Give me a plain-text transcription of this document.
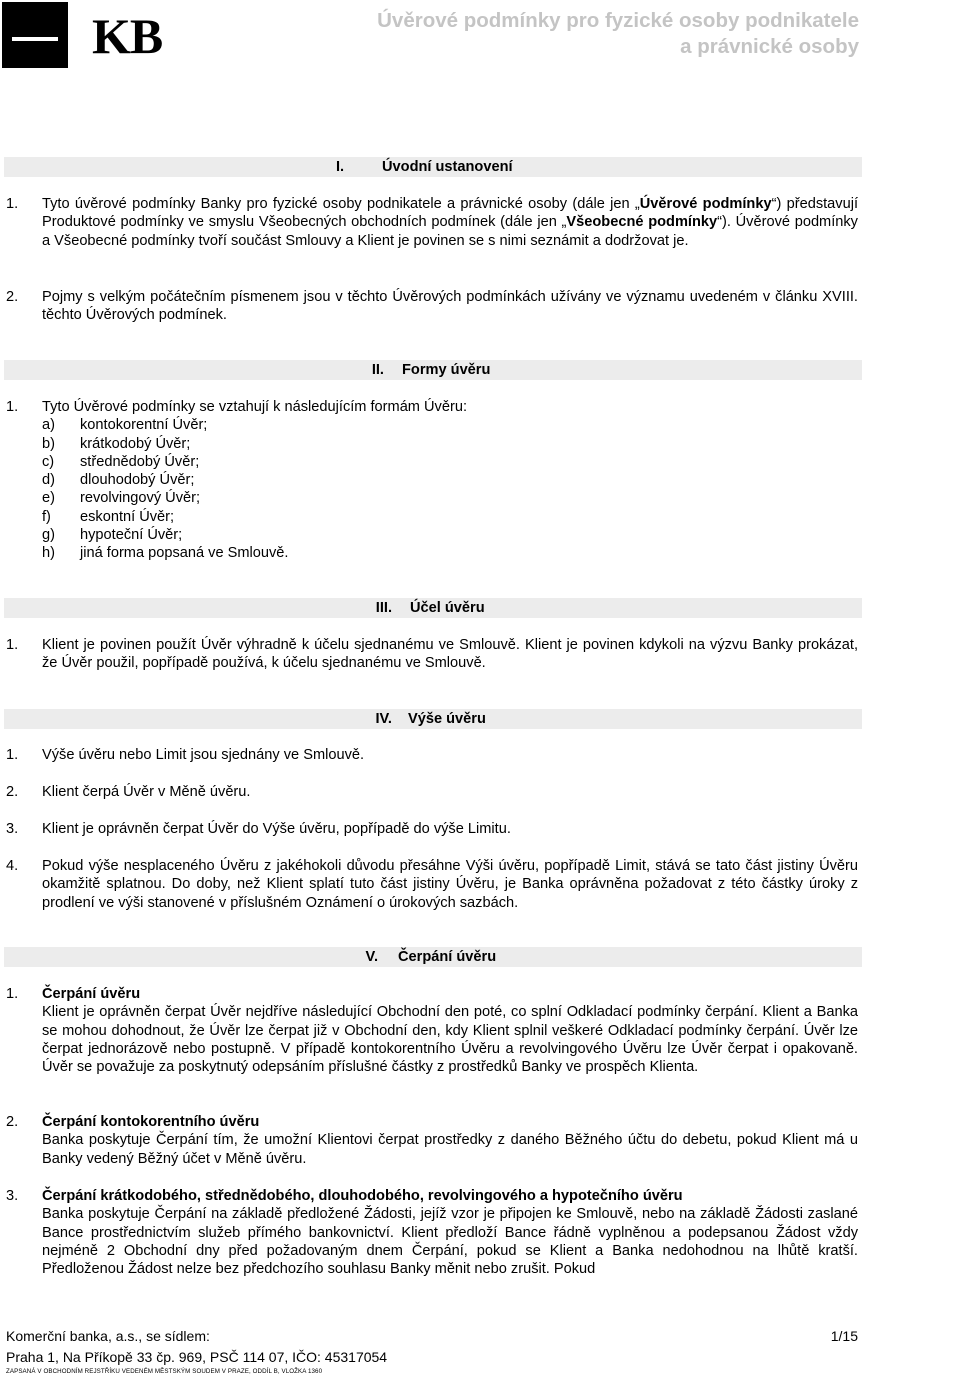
KB	Úvěrové podmínky pro fyzické osoby podnikatele
a právnické osoby
I.	Úvodní ustanovení
1. Tyto úvěrové podmínky Banky pro fyzické osoby podnikatele a právnické osoby (dále jen „Úvěrové podmínky“) představují Produktové podmínky ve smyslu Všeobecných obchodních podmínek (dále jen „Všeobecné podmínky“). Úvěrové podmínky a Všeobecné podmínky tvoří součást Smlouvy a Klient je povinen se s nimi seznámit a dodržovat je.
2. Pojmy s velkým počátečním písmenem jsou v těchto Úvěrových podmínkách užívány ve významu uvedeném v článku XVIII. těchto Úvěrových podmínek.
II. Formy úvěru
1. Tyto Úvěrové podmínky se vztahují k následujícím formám Úvěru:
a) kontokorentní Úvěr;
b) krátkodobý Úvěr;
c) střednědobý Úvěr;
d) dlouhodobý Úvěr;
e) revolvingový Úvěr;
f) eskontní Úvěr;
g) hypoteční Úvěr;
h) jiná forma popsaná ve Smlouvě.
III. Účel úvěru
1. Klient je povinen použít Úvěr výhradně k účelu sjednanému ve Smlouvě. Klient je povinen kdykoli na výzvu Banky prokázat, že Úvěr použil, popřípadě používá, k účelu sjednanému ve Smlouvě.
IV. Výše úvěru
1. Výše úvěru nebo Limit jsou sjednány ve Smlouvě.
2. Klient čerpá Úvěr v Měně úvěru.
3. Klient je oprávněn čerpat Úvěr do Výše úvěru, popřípadě do výše Limitu.
4. Pokud výše nesplaceného Úvěru z jakéhokoli důvodu přesáhne Výši úvěru, popřípadě Limit, stává se tato část jistiny Úvěru okamžitě splatnou. Do doby, než Klient splatí tuto část jistiny Úvěru, je Banka oprávněna požadovat z této částky úroky z prodlení ve výši stanovené v příslušném Oznámení o úrokových sazbách.
V. Čerpání úvěru
1. Čerpání úvěru
Klient je oprávněn čerpat Úvěr nejdříve následující Obchodní den poté, co splní Odkladací podmínky čerpání. Klient a Banka se mohou dohodnout, že Úvěr lze čerpat již v Obchodní den, kdy Klient splnil veškeré Odkladací podmínky čerpání. Úvěr lze čerpat jednorázově nebo postupně. V případě kontokorentního Úvěru a revolvingového Úvěru lze Úvěr čerpat i opakovaně. Úvěr se považuje za poskytnutý odepsáním příslušné částky z prostředků Banky ve prospěch Klienta.
2. Čerpání kontokorentního úvěru
Banka poskytuje Čerpání tím, že umožní Klientovi čerpat prostředky z daného Běžného účtu do debetu, pokud Klient má u Banky vedený Běžný účet v Měně úvěru.
3. Čerpání krátkodobého, střednědobého, dlouhodobého, revolvingového a hypotečního úvěru
Banka poskytuje Čerpání na základě předložené Žádosti, jejíž vzor je připojen ke Smlouvě, nebo na základě Žádosti zaslané Bance prostřednictvím služeb přímého bankovnictví. Klient předloží Bance řádně vyplněnou a podepsanou Žádost vždy nejméně 2 Obchodní dny před požadovaným dnem Čerpání, pokud se Klient a Banka nedohodnou na lhůtě kratší. Předloženou Žádost nelze bez předchozího souhlasu Banky měnit nebo zrušit. Pokud
Komerční banka, a.s., se sídlem:	1/15
Praha 1, Na Příkopě 33 čp. 969, PSČ 114 07, IČO: 45317054
ZAPSANÁ V OBCHODNÍM REJSTŘÍKU VEDENÉM MĚSTSKÝM SOUDEM V PRAZE, ODDÍL B, VLOŽKA 1360
